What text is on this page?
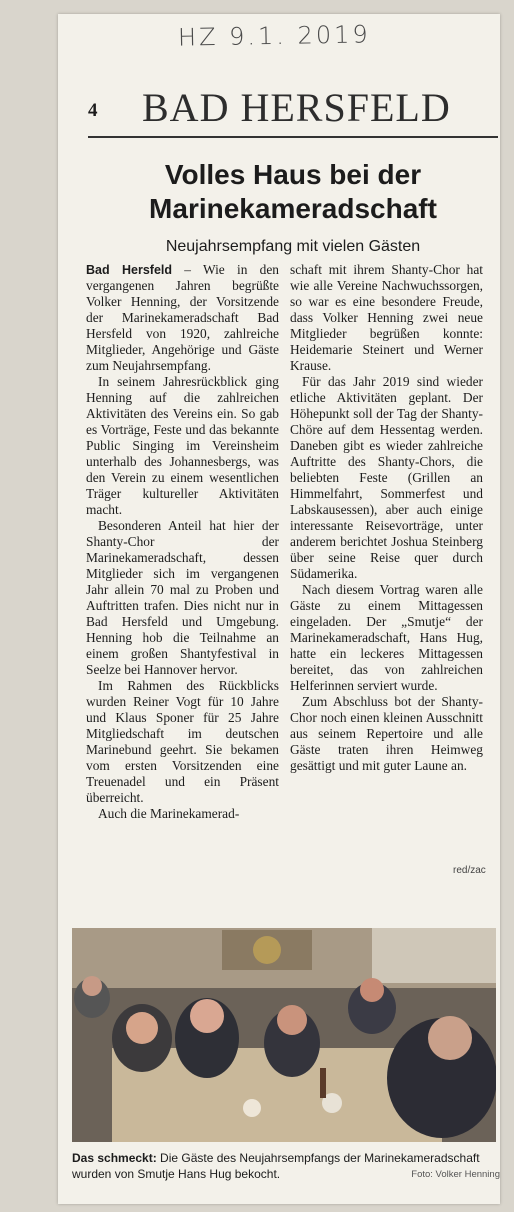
HZ 9.1. 2019
4 BAD HERSFELD
Volles Haus bei der Marinekameradschaft
Neujahrsempfang mit vielen Gästen

Bad Hersfeld – Wie in den vergangenen Jahren begrüßte Volker Henning, der Vorsitzende der Marinekameradschaft Bad Hersfeld von 1920, zahlreiche Mitglieder, Angehörige und Gäste zum Neujahrsempfang.

In seinem Jahresrückblick ging Henning auf die zahlreichen Aktivitäten des Vereins ein. So gab es Vorträge, Feste und das bekannte Public Singing im Vereinsheim unterhalb des Johannesbergs, was den Verein zu einem wesentlichen Träger kultureller Aktivitäten macht.

Besonderen Anteil hat hier der Shanty-Chor der Marinekameradschaft, dessen Mitglieder sich im vergangenen Jahr allein 70 mal zu Proben und Auftritten trafen. Dies nicht nur in Bad Hersfeld und Umgebung. Henning hob die Teilnahme an einem großen Shantyfestival in Seelze bei Hannover hervor.

Im Rahmen des Rückblicks wurden Reiner Vogt für 10 Jahre und Klaus Sponer für 25 Jahre Mitgliedschaft im deutschen Marinebund geehrt. Sie bekamen vom ersten Vorsitzenden eine Treuenadel und ein Präsent überreicht.

Auch die Marinekamerad-

schaft mit ihrem Shanty-Chor hat wie alle Vereine Nachwuchssorgen, so war es eine besondere Freude, dass Volker Henning zwei neue Mitglieder begrüßen konnte: Heidemarie Steinert und Werner Krause.

Für das Jahr 2019 sind wieder etliche Aktivitäten geplant. Der Höhepunkt soll der Tag der Shanty-Chöre auf dem Hessentag werden. Daneben gibt es wieder zahlreiche Auftritte des Shanty-Chors, die beliebten Feste (Grillen an Himmelfahrt, Sommerfest und Labskausessen), aber auch einige interessante Reisevorträge, unter anderem berichtet Joshua Steinberg über seine Reise quer durch Südamerika.

Nach diesem Vortrag waren alle Gäste zu einem Mittagessen eingeladen. Der „Smutje“ der Marinekameradschaft, Hans Hug, hatte ein leckeres Mittagessen bereitet, das von zahlreichen Helferinnen serviert wurde.

Zum Abschluss bot der Shanty-Chor noch einen kleinen Ausschnitt aus seinem Repertoire und alle Gäste traten ihren Heimweg gesättigt und mit guter Laune an.

red/zac
Das schmeckt: Die Gäste des Neujahrsempfangs der Marinekameradschaft wurden von Smutje Hans Hug bekocht.	Foto: Volker Henning
